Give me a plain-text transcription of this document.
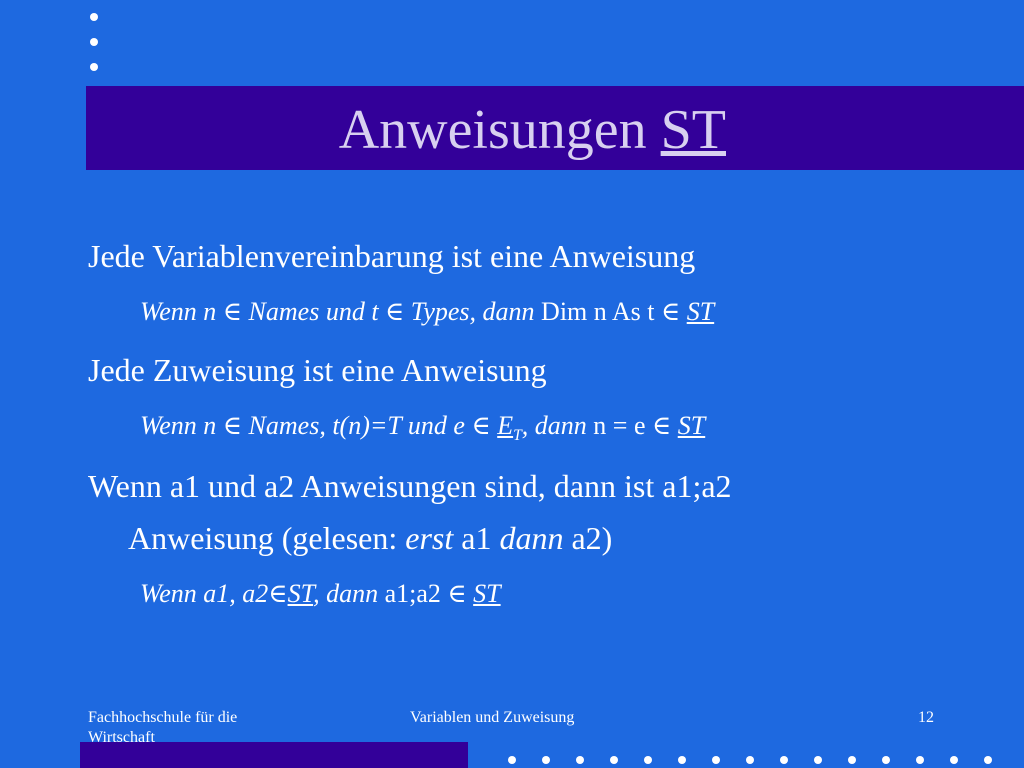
Anweisungen ST
Jede Variablenvereinbarung ist eine Anweisung
Wenn n ∈ Names und t ∈ Types, dann Dim n As t ∈ ST
Jede Zuweisung ist eine Anweisung
Wenn n ∈ Names, t(n)=T und e ∈ $E_T$, dann n = e ∈ ST
Wenn a1 und a2 Anweisungen sind, dann ist a1;a2
Anweisung (gelesen: erst a1 dann a2)
Wenn a1, a2∈ST, dann a1;a2 ∈ ST
Fachhochschule für die
Wirtschaft
Variablen und Zuweisung	12
